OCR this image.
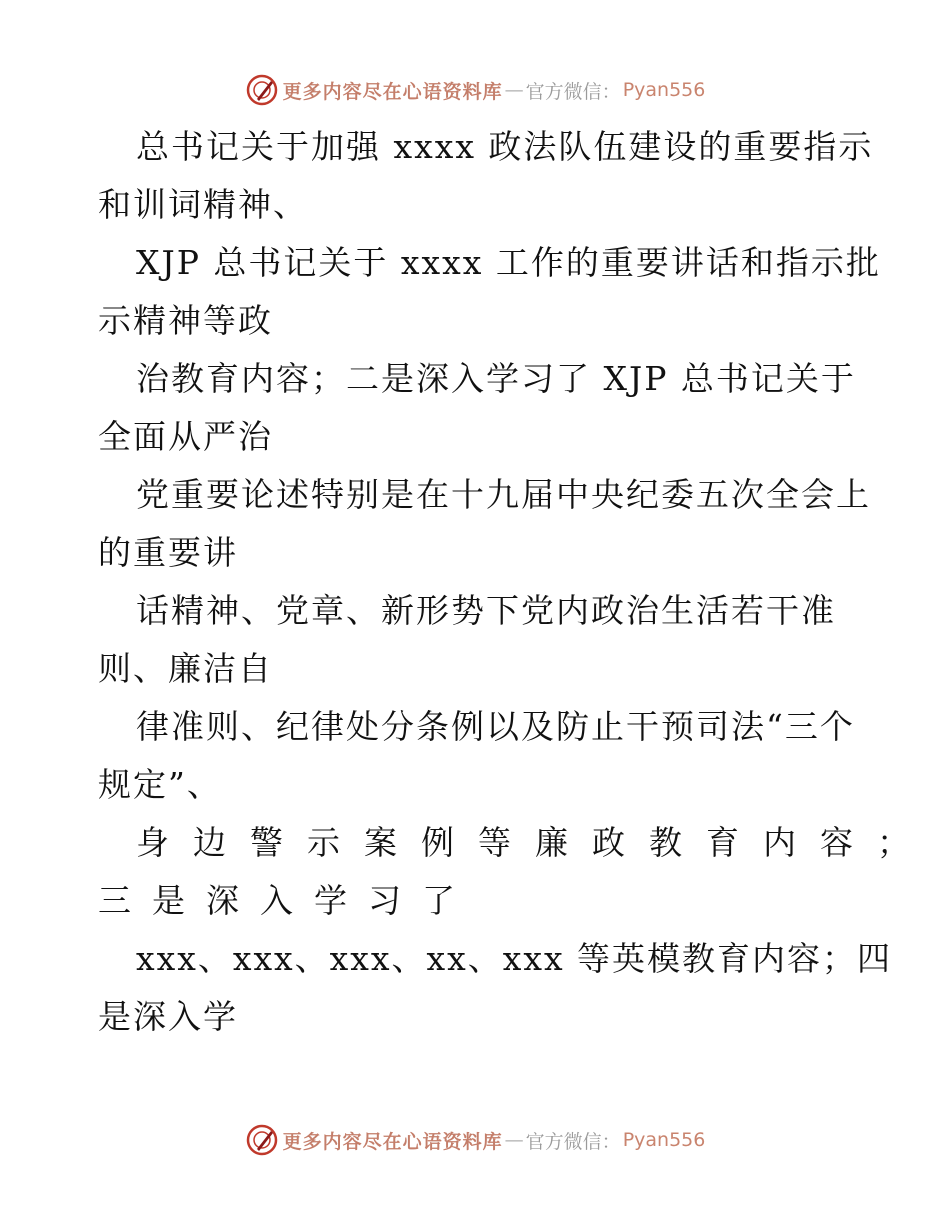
更多内容尽在心语资料库 — 官方微信： Pyan556
总书记关于加强 xxxx 政法队伍建设的重要指示
和训词精神、
XJP 总书记关于 xxxx 工作的重要讲话和指示批
示精神等政
治教育内容；二是深入学习了 XJP 总书记关于
全面从严治
党重要论述特别是在十九届中央纪委五次全会上
的重要讲
话精神、党章、新形势下党内政治生活若干准
则、廉洁自
律准则、纪律处分条例以及防止干预司法“三个
规定”、
身边警示案例等廉政教育内容；
三是深入学习了
xxx、xxx、xxx、xx、xxx 等英模教育内容；四
是深入学
更多内容尽在心语资料库 — 官方微信： Pyan556
